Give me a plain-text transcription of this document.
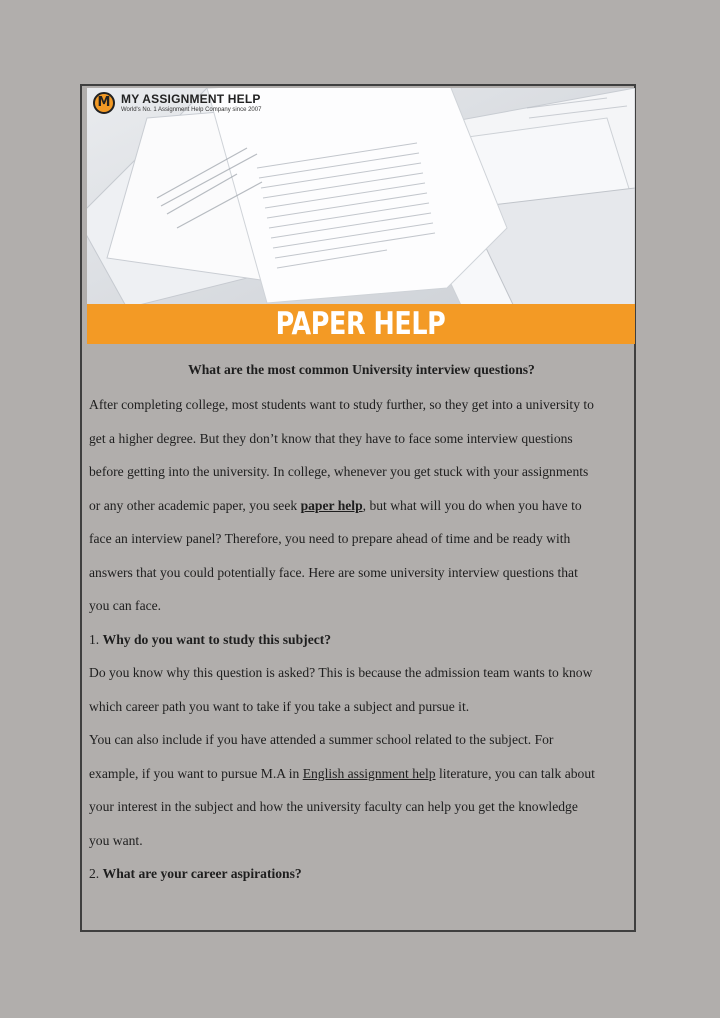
M MY ASSIGNMENT HELP
World's No. 1 Assignment Help Company since 2007
PAPER HELP
What are the most common University interview questions?
After completing college, most students want to study further, so they get into a university to
get a higher degree. But they don’t know that they have to face some interview questions
before getting into the university. In college, whenever you get stuck with your assignments
or any other academic paper, you seek paper help, but what will you do when you have to
face an interview panel? Therefore, you need to prepare ahead of time and be ready with
answers that you could potentially face. Here are some university interview questions that
you can face.
1. Why do you want to study this subject?
Do you know why this question is asked? This is because the admission team wants to know
which career path you want to take if you take a subject and pursue it.
You can also include if you have attended a summer school related to the subject. For
example, if you want to pursue M.A in English assignment help literature, you can talk about
your interest in the subject and how the university faculty can help you get the knowledge
you want.
2. What are your career aspirations?
